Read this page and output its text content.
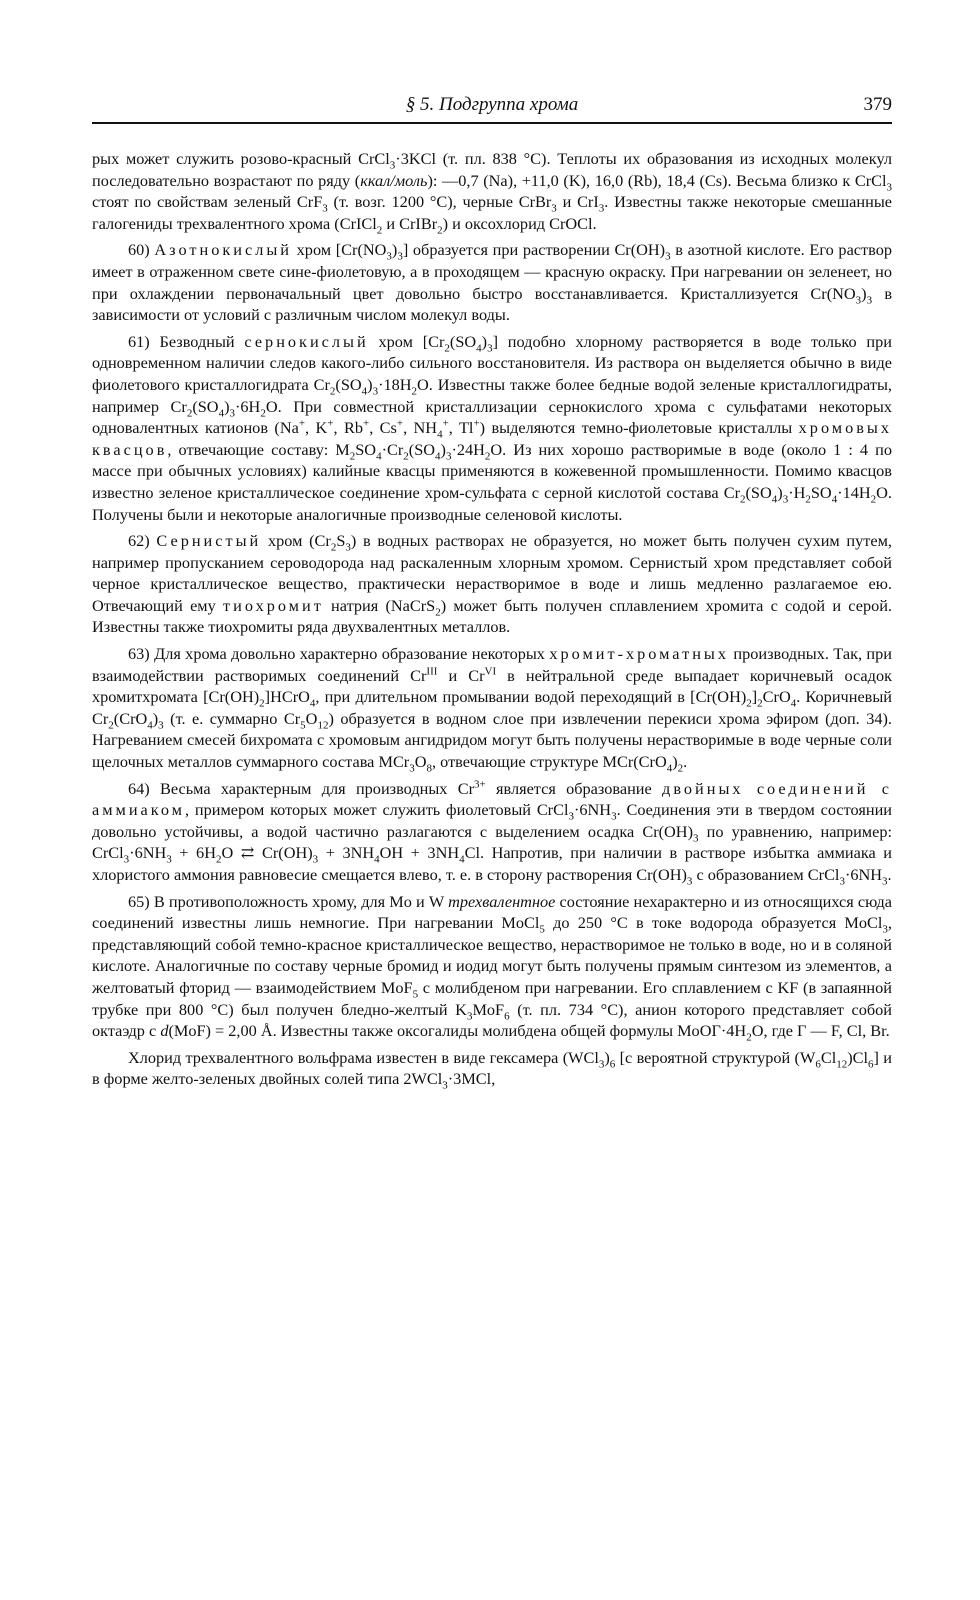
§ 5. Подгруппа хрома	379

рых может служить розово-красный CrCl$_3$·3KCl (т. пл. 838 °С). Теплоты их образования из исходных молекул последовательно возрастают по ряду (ккал/моль): —0,7 (Na), +11,0 (K), 16,0 (Rb), 18,4 (Cs). Весьма близко к CrCl$_3$ стоят по свойствам зеленый CrF$_3$ (т. возг. 1200 °С), черные CrBr$_3$ и CrI$_3$. Известны также некоторые смешанные галогениды трехвалентного хрома (CrICl$_2$ и CrIBr$_2$) и оксохлорид CrOCl.

60) Азотнокислый хром $[Cr(NO_3)_3]$ образуется при растворении $Cr(OH)_3$ в азотной кислоте. Его раствор имеет в отраженном свете сине-фиолетовую, а в проходящем — красную окраску. При нагревании он зеленеет, но при охлаждении первоначальный цвет довольно быстро восстанавливается. Кристаллизуется $Cr(NO_3)_3$ в зависимости от условий с различным числом молекул воды.

61) Безводный сернокислый хром $[Cr_2(SO_4)_3]$ подобно хлорному растворяется в воде только при одновременном наличии следов какого-либо сильного восстановителя. Из раствора он выделяется обычно в виде фиолетового кристаллогидрата $Cr_2(SO_4)_3\cdot 18H_2O$. Известны также более бедные водой зеленые кристаллогидраты, например $Cr_2(SO_4)_3\cdot 6H_2O$. При совместной кристаллизации сернокислого хрома с сульфатами некоторых одновалентных катионов (Na+, K+, Rb+, Cs+, $NH_4^+$, Tl+) выделяются темно-фиолетовые кристаллы хромовых квасцов, отвечающие составу: $M_2SO_4\cdot Cr_2(SO_4)_3\cdot 24H_2O$. Из них хорошо растворимые в воде (около 1 : 4 по массе при обычных условиях) калийные квасцы применяются в кожевенной промышленности. Помимо квасцов известно зеленое кристаллическое соединение хром-сульфата с серной кислотой состава $Cr_2(SO_4)_3\cdot H_2SO_4\cdot 14H_2O$. Получены были и некоторые аналогичные производные селеновой кислоты.

62) Сернистый хром $(Cr_2S_3)$ в водных растворах не образуется, но может быть получен сухим путем, например пропусканием сероводорода над раскаленным хлорным хромом. Сернистый хром представляет собой черное кристаллическое вещество, практически нерастворимое в воде и лишь медленно разлагаемое ею. Отвечающий ему тиохромит натрия (NaCrS$_2$) может быть получен сплавлением хромита с содой и серой. Известны также тиохромиты ряда двухвалентных металлов.

63) Для хрома довольно характерно образование некоторых хромит-хроматных производных. Так, при взаимодействии растворимых соединений $Cr^{III}$ и $Cr^{VI}$ в нейтральной среде выпадает коричневый осадок хромитхромата $[Cr(OH)_2]HCrO_4$, при длительном промывании водой переходящий в $[Cr(OH)_2]_2CrO_4$. Коричневый $Cr_2(CrO_4)_3$ (т. е. суммарно $Cr_5O_{12}$) образуется в водном слое при извлечении перекиси хрома эфиром (доп. 34). Нагреванием смесей бихромата с хромовым ангидридом могут быть получены нерастворимые в воде черные соли щелочных металлов суммарного состава $MCr_3O_8$, отвечающие структуре $MCr(CrO_4)_2$.

64) Весьма характерным для производных $Cr^{3+}$ является образование двойных соединений с аммиаком, примером которых может служить фиолетовый $CrCl_3\cdot 6NH_3$. Соединения эти в твердом состоянии довольно устойчивы, а водой частично разлагаются с выделением осадка $Cr(OH)_3$ по уравнению, например: $CrCl_3\cdot 6NH_3 + 6H_2O$ ⇄ $Cr(OH)_3 + 3NH_4OH + 3NH_4Cl$. Напротив, при наличии в растворе избытка аммиака и хлористого аммония равновесие смещается влево, т. е. в сторону растворения $Cr(OH)_3$ с образованием $CrCl_3\cdot 6NH_3$.

65) В противоположность хрому, для Mo и W трехвалентное состояние нехарактерно и из относящихся сюда соединений известны лишь немногие. При нагревании MoCl$_5$ до 250 °С в токе водорода образуется MoCl$_3$, представляющий собой темно-красное кристаллическое вещество, нерастворимое не только в воде, но и в соляной кислоте. Аналогичные по составу черные бромид и иодид могут быть получены прямым синтезом из элементов, а желтоватый фторид — взаимодействием MoF$_5$ с молибденом при нагревании. Его сплавлением с KF (в запаянной трубке при 800 °С) был получен бледно-желтый $K_3MoF_6$ (т. пл. 734 °С), анион которого представляет собой октаэдр с d(MoF) = 2,00 Å. Известны также оксогалиды молибдена общей формулы $MoOГ\cdot 4H_2O$, где Г — F, Cl, Br.

Хлорид трехвалентного вольфрама известен в виде гексамера $(WCl_3)_6$ [с вероятной структурой $(W_6Cl_{12})Cl_6$] и в форме желто-зеленых двойных солей типа 2WCl$_3$·3MCl,
